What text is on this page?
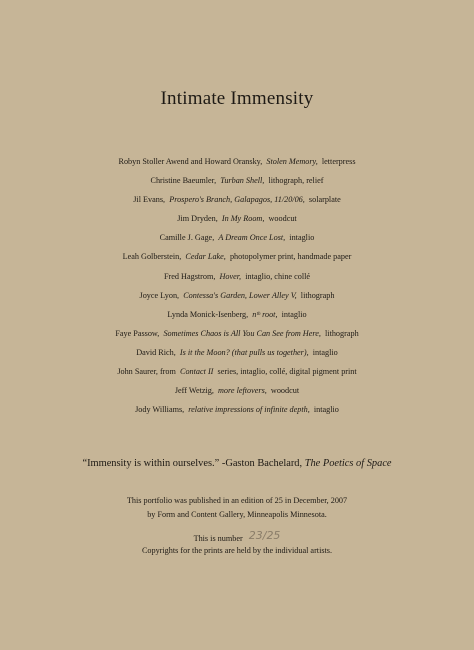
Intimate Immensity
Robyn Stoller Awend and Howard Oransky, Stolen Memory, letterpress
Christine Baeumler, Turban Shell, lithograph, relief
Jil Evans, Prospero's Branch, Galapagos, 11/20/06, solarplate
Jim Dryden, In My Room, woodcut
Camille J. Gage, A Dream Once Lost, intaglio
Leah Golberstein, Cedar Lake, photopolymer print, handmade paper
Fred Hagstrom, Hover, intaglio, chine collé
Joyce Lyon, Contessa's Garden, Lower Alley V, lithograph
Lynda Monick-Isenberg, nᵗʰ root, intaglio
Faye Passow, Sometimes Chaos is All You Can See from Here, lithograph
David Rich, Is it the Moon? (that pulls us together), intaglio
John Saurer, from Contact II series, intaglio, collé, digital pigment print
Jeff Wetzig, more leftovers, woodcut
Jody Williams, relative impressions of infinite depth, intaglio
“Immensity is within ourselves.” -Gaston Bachelard, The Poetics of Space
This portfolio was published in an edition of 25 in December, 2007
by Form and Content Gallery, Minneapolis Minnesota.
This is number 23/25
Copyrights for the prints are held by the individual artists.
